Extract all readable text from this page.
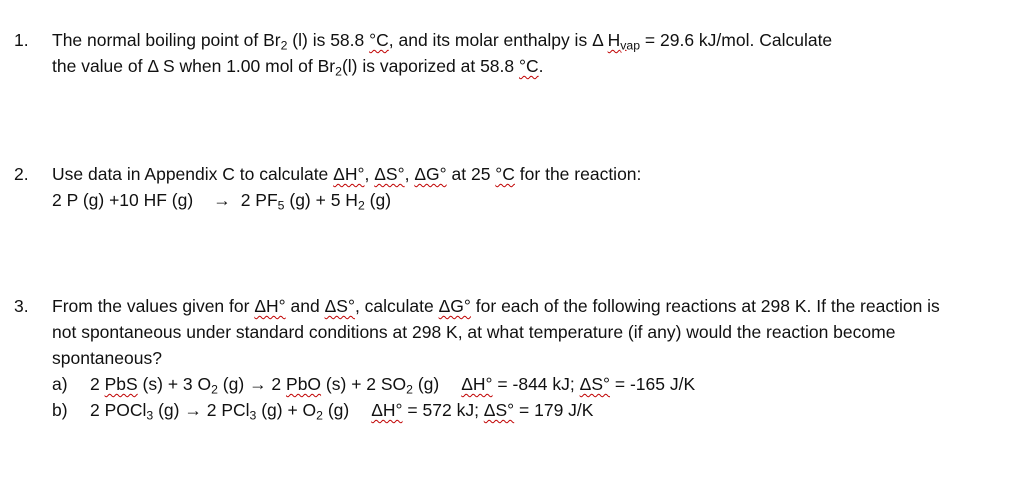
1.	The normal boiling point of $Br_2$ (l) is 58.8 °C, and its molar enthalpy is Δ $H_{vap} = 29.6$ kJ/mol. Calculate
the value of Δ S when 1.00 mol of $Br_2(l)$ is vaporized at 58.8 °C.
2.	Use data in Appendix C to calculate ΔH°, ΔS°, ΔG° at 25 °C for the reaction:
2 P (g) +10 HF (g) → 2 $PF_5$ (g) + 5 $H_2$ (g)
3.	From the values given for ΔH° and ΔS°, calculate ΔG° for each of the following reactions at 298 K. If the reaction is not spontaneous under standard conditions at 298 K, at what temperature (if any) would the reaction become spontaneous?
a) 2 PbS (s) + 3 $O_2$ (g) → 2 PbO (s) + 2 $SO_2$ (g) ΔH° = -844 kJ; ΔS° = -165 J/K
b) 2 POCl$_3$ (g) → 2 PCl$_3$ $(g) + O_2$ (g) ΔH° = 572 kJ; ΔS° = 179 J/K
